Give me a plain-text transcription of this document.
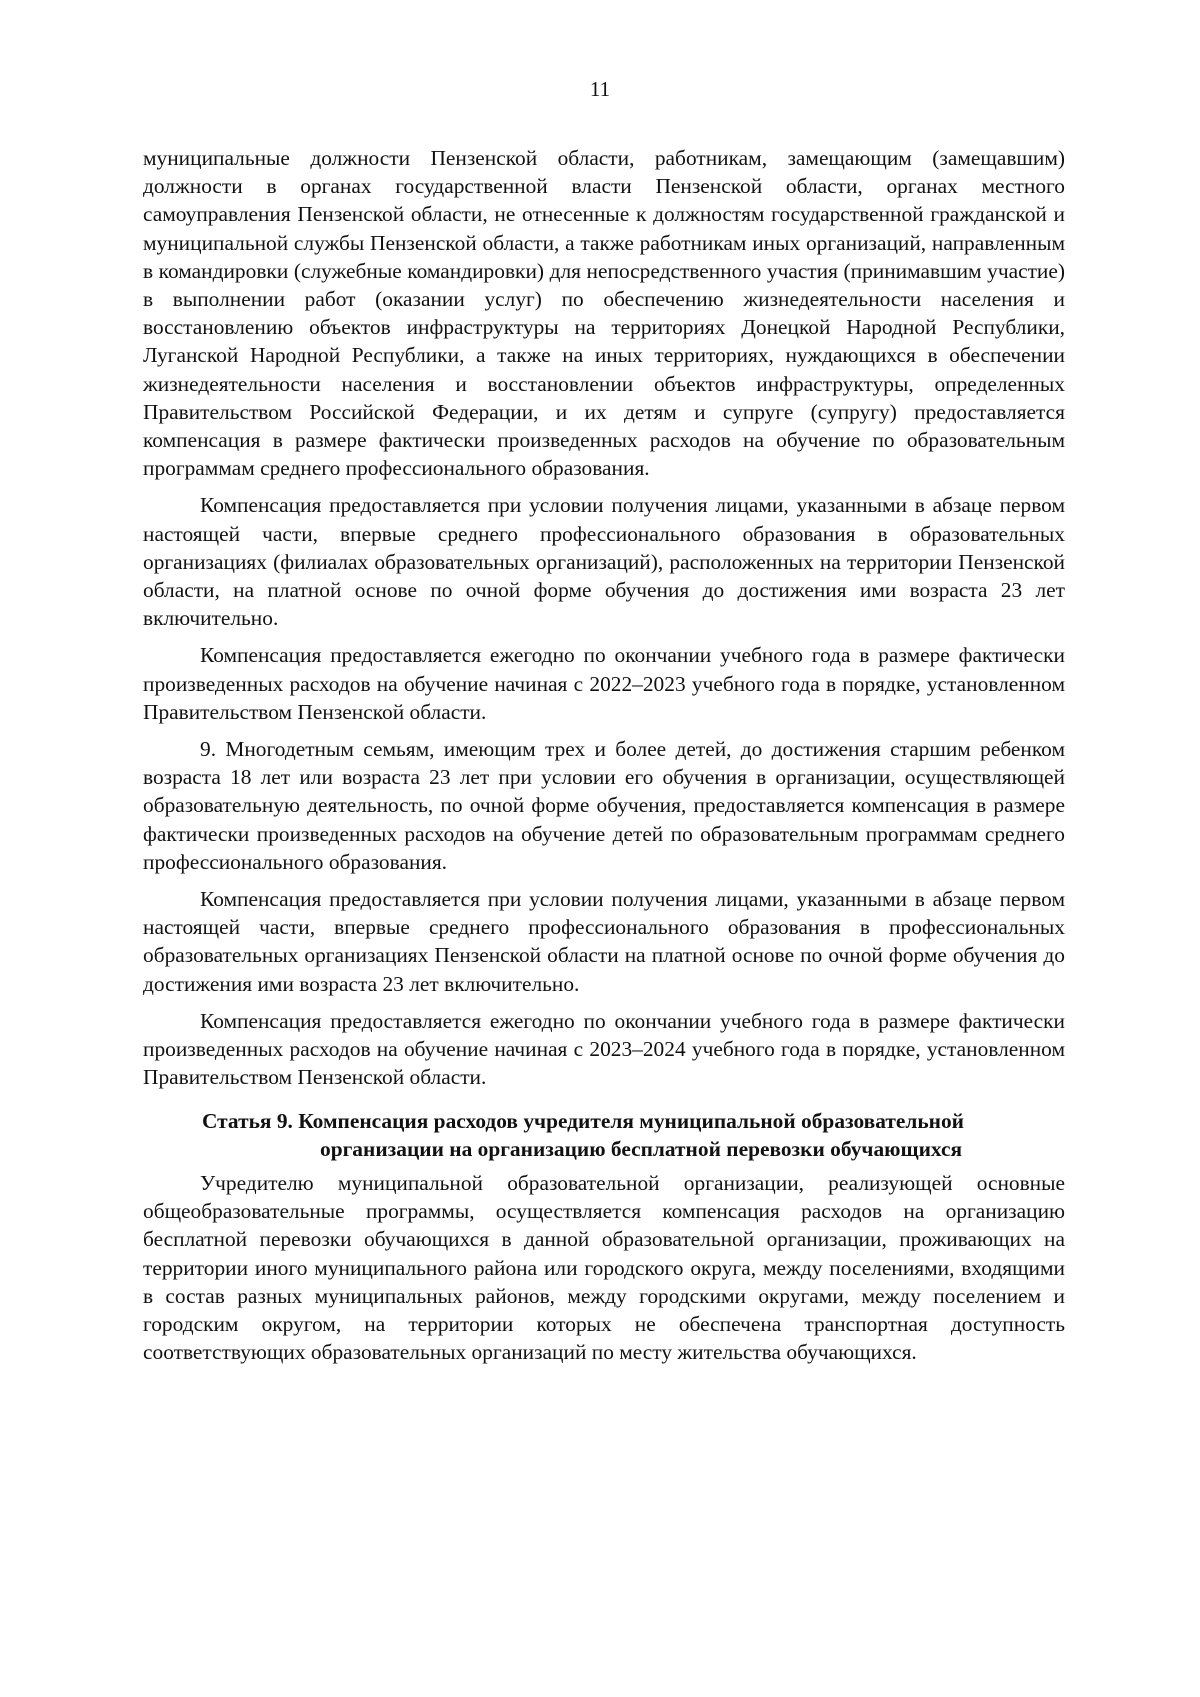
11

муниципальные должности Пензенской области, работникам, замещающим (замещавшим) должности в органах государственной власти Пензенской области, органах местного самоуправления Пензенской области, не отнесенные к должностям государственной гражданской и муниципальной службы Пензенской области, а также работникам иных организаций, направленным в командировки (служебные командировки) для непосредственного участия (принимавшим участие) в выполнении работ (оказании услуг) по обеспечению жизнедеятельности населения и восстановлению объектов инфраструктуры на территориях Донецкой Народной Республики, Луганской Народной Республики, а также на иных территориях, нуждающихся в обеспечении жизнедеятельности населения и восстановлении объектов инфраструктуры, определенных Правительством Российской Федерации, и их детям и супруге (супругу) предоставляется компенсация в размере фактически произведенных расходов на обучение по образовательным программам среднего профессионального образования.

Компенсация предоставляется при условии получения лицами, указанными в абзаце первом настоящей части, впервые среднего профессионального образования в образовательных организациях (филиалах образовательных организаций), расположенных на территории Пензенской области, на платной основе по очной форме обучения до достижения ими возраста 23 лет включительно.

Компенсация предоставляется ежегодно по окончании учебного года в размере фактически произведенных расходов на обучение начиная с 2022–2023 учебного года в порядке, установленном Правительством Пензенской области.

9. Многодетным семьям, имеющим трех и более детей, до достижения старшим ребенком возраста 18 лет или возраста 23 лет при условии его обучения в организации, осуществляющей образовательную деятельность, по очной форме обучения, предоставляется компенсация в размере фактически произведенных расходов на обучение детей по образовательным программам среднего профессионального образования.

Компенсация предоставляется при условии получения лицами, указанными в абзаце первом настоящей части, впервые среднего профессионального образования в профессиональных образовательных организациях Пензенской области на платной основе по очной форме обучения до достижения ими возраста 23 лет включительно.

Компенсация предоставляется ежегодно по окончании учебного года в размере фактически произведенных расходов на обучение начиная с 2023–2024 учебного года в порядке, установленном Правительством Пензенской области.

Статья 9. Компенсация расходов учредителя муниципальной образовательной организации на организацию бесплатной перевозки обучающихся

Учредителю муниципальной образовательной организации, реализующей основные общеобразовательные программы, осуществляется компенсация расходов на организацию бесплатной перевозки обучающихся в данной образовательной организации, проживающих на территории иного муниципального района или городского округа, между поселениями, входящими в состав разных муниципальных районов, между городскими округами, между поселением и городским округом, на территории которых не обеспечена транспортная доступность соответствующих образовательных организаций по месту жительства обучающихся.
